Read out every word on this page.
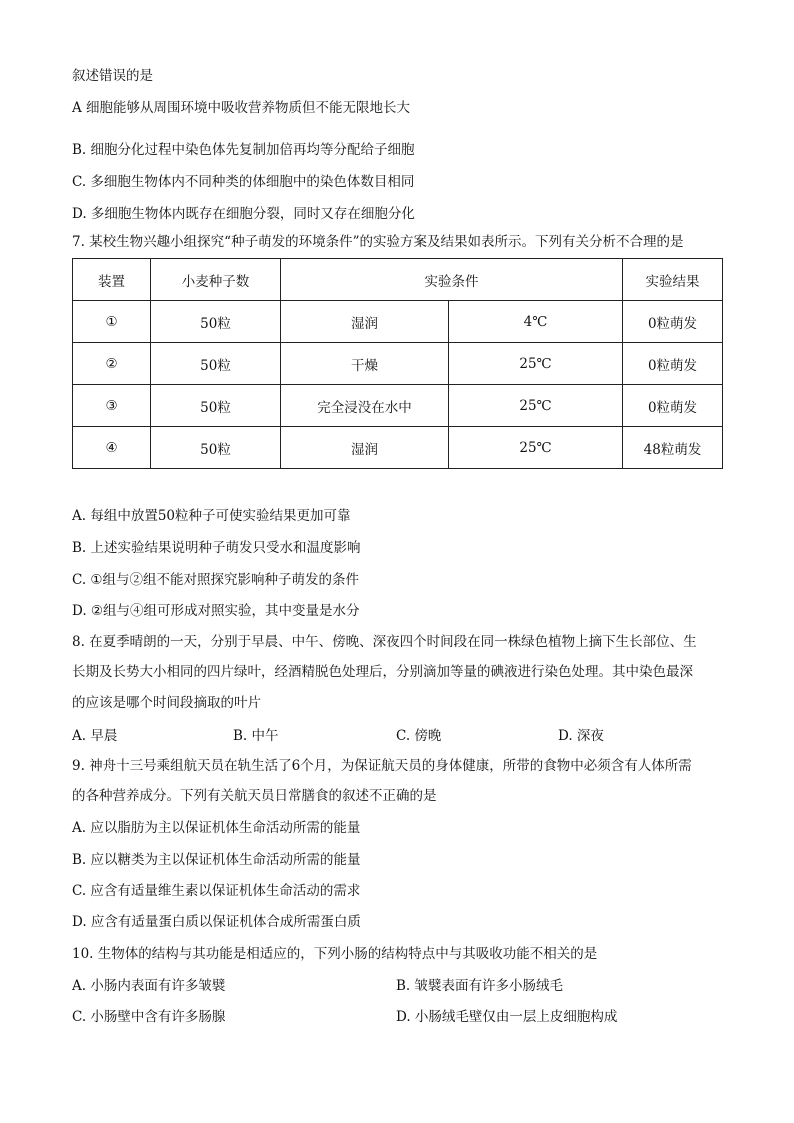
叙述错误的是
A 细胞能够从周围环境中吸收营养物质但不能无限地长大
B. 细胞分化过程中染色体先复制加倍再均等分配给子细胞
C. 多细胞生物体内不同种类的体细胞中的染色体数目相同
D. 多细胞生物体内既存在细胞分裂，同时又存在细胞分化
7. 某校生物兴趣小组探究“种子萌发的环境条件”的实验方案及结果如表所示。下列有关分析不合理的是
装置	小麦种子数	实验条件		实验结果
①	50粒	湿润	4℃	0粒萌发
②	50粒	干燥	25℃	0粒萌发
③	50粒	完全浸没在水中	25℃	0粒萌发
④	50粒	湿润	25℃	48粒萌发
A. 每组中放置50粒种子可使实验结果更加可靠
B. 上述实验结果说明种子萌发只受水和温度影响
C. ①组与②组不能对照探究影响种子萌发的条件
D. ②组与④组可形成对照实验，其中变量是水分
8. 在夏季晴朗的一天，分别于早晨、中午、傍晚、深夜四个时间段在同一株绿色植物上摘下生长部位、生
长期及长势大小相同的四片绿叶，经酒精脱色处理后，分别滴加等量的碘液进行染色处理。其中染色最深
的应该是哪个时间段摘取的叶片
A. 早晨	B. 中午	C. 傍晚	D. 深夜
9. 神舟十三号乘组航天员在轨生活了6个月，为保证航天员的身体健康，所带的食物中必须含有人体所需
的各种营养成分。下列有关航天员日常膳食的叙述不正确的是
A. 应以脂肪为主以保证机体生命活动所需的能量
B. 应以糖类为主以保证机体生命活动所需的能量
C. 应含有适量维生素以保证机体生命活动的需求
D. 应含有适量蛋白质以保证机体合成所需蛋白质
10. 生物体的结构与其功能是相适应的，下列小肠的结构特点中与其吸收功能不相关的是
A. 小肠内表面有许多皱襞	B. 皱襞表面有许多小肠绒毛
C. 小肠壁中含有许多肠腺	D. 小肠绒毛壁仅由一层上皮细胞构成
